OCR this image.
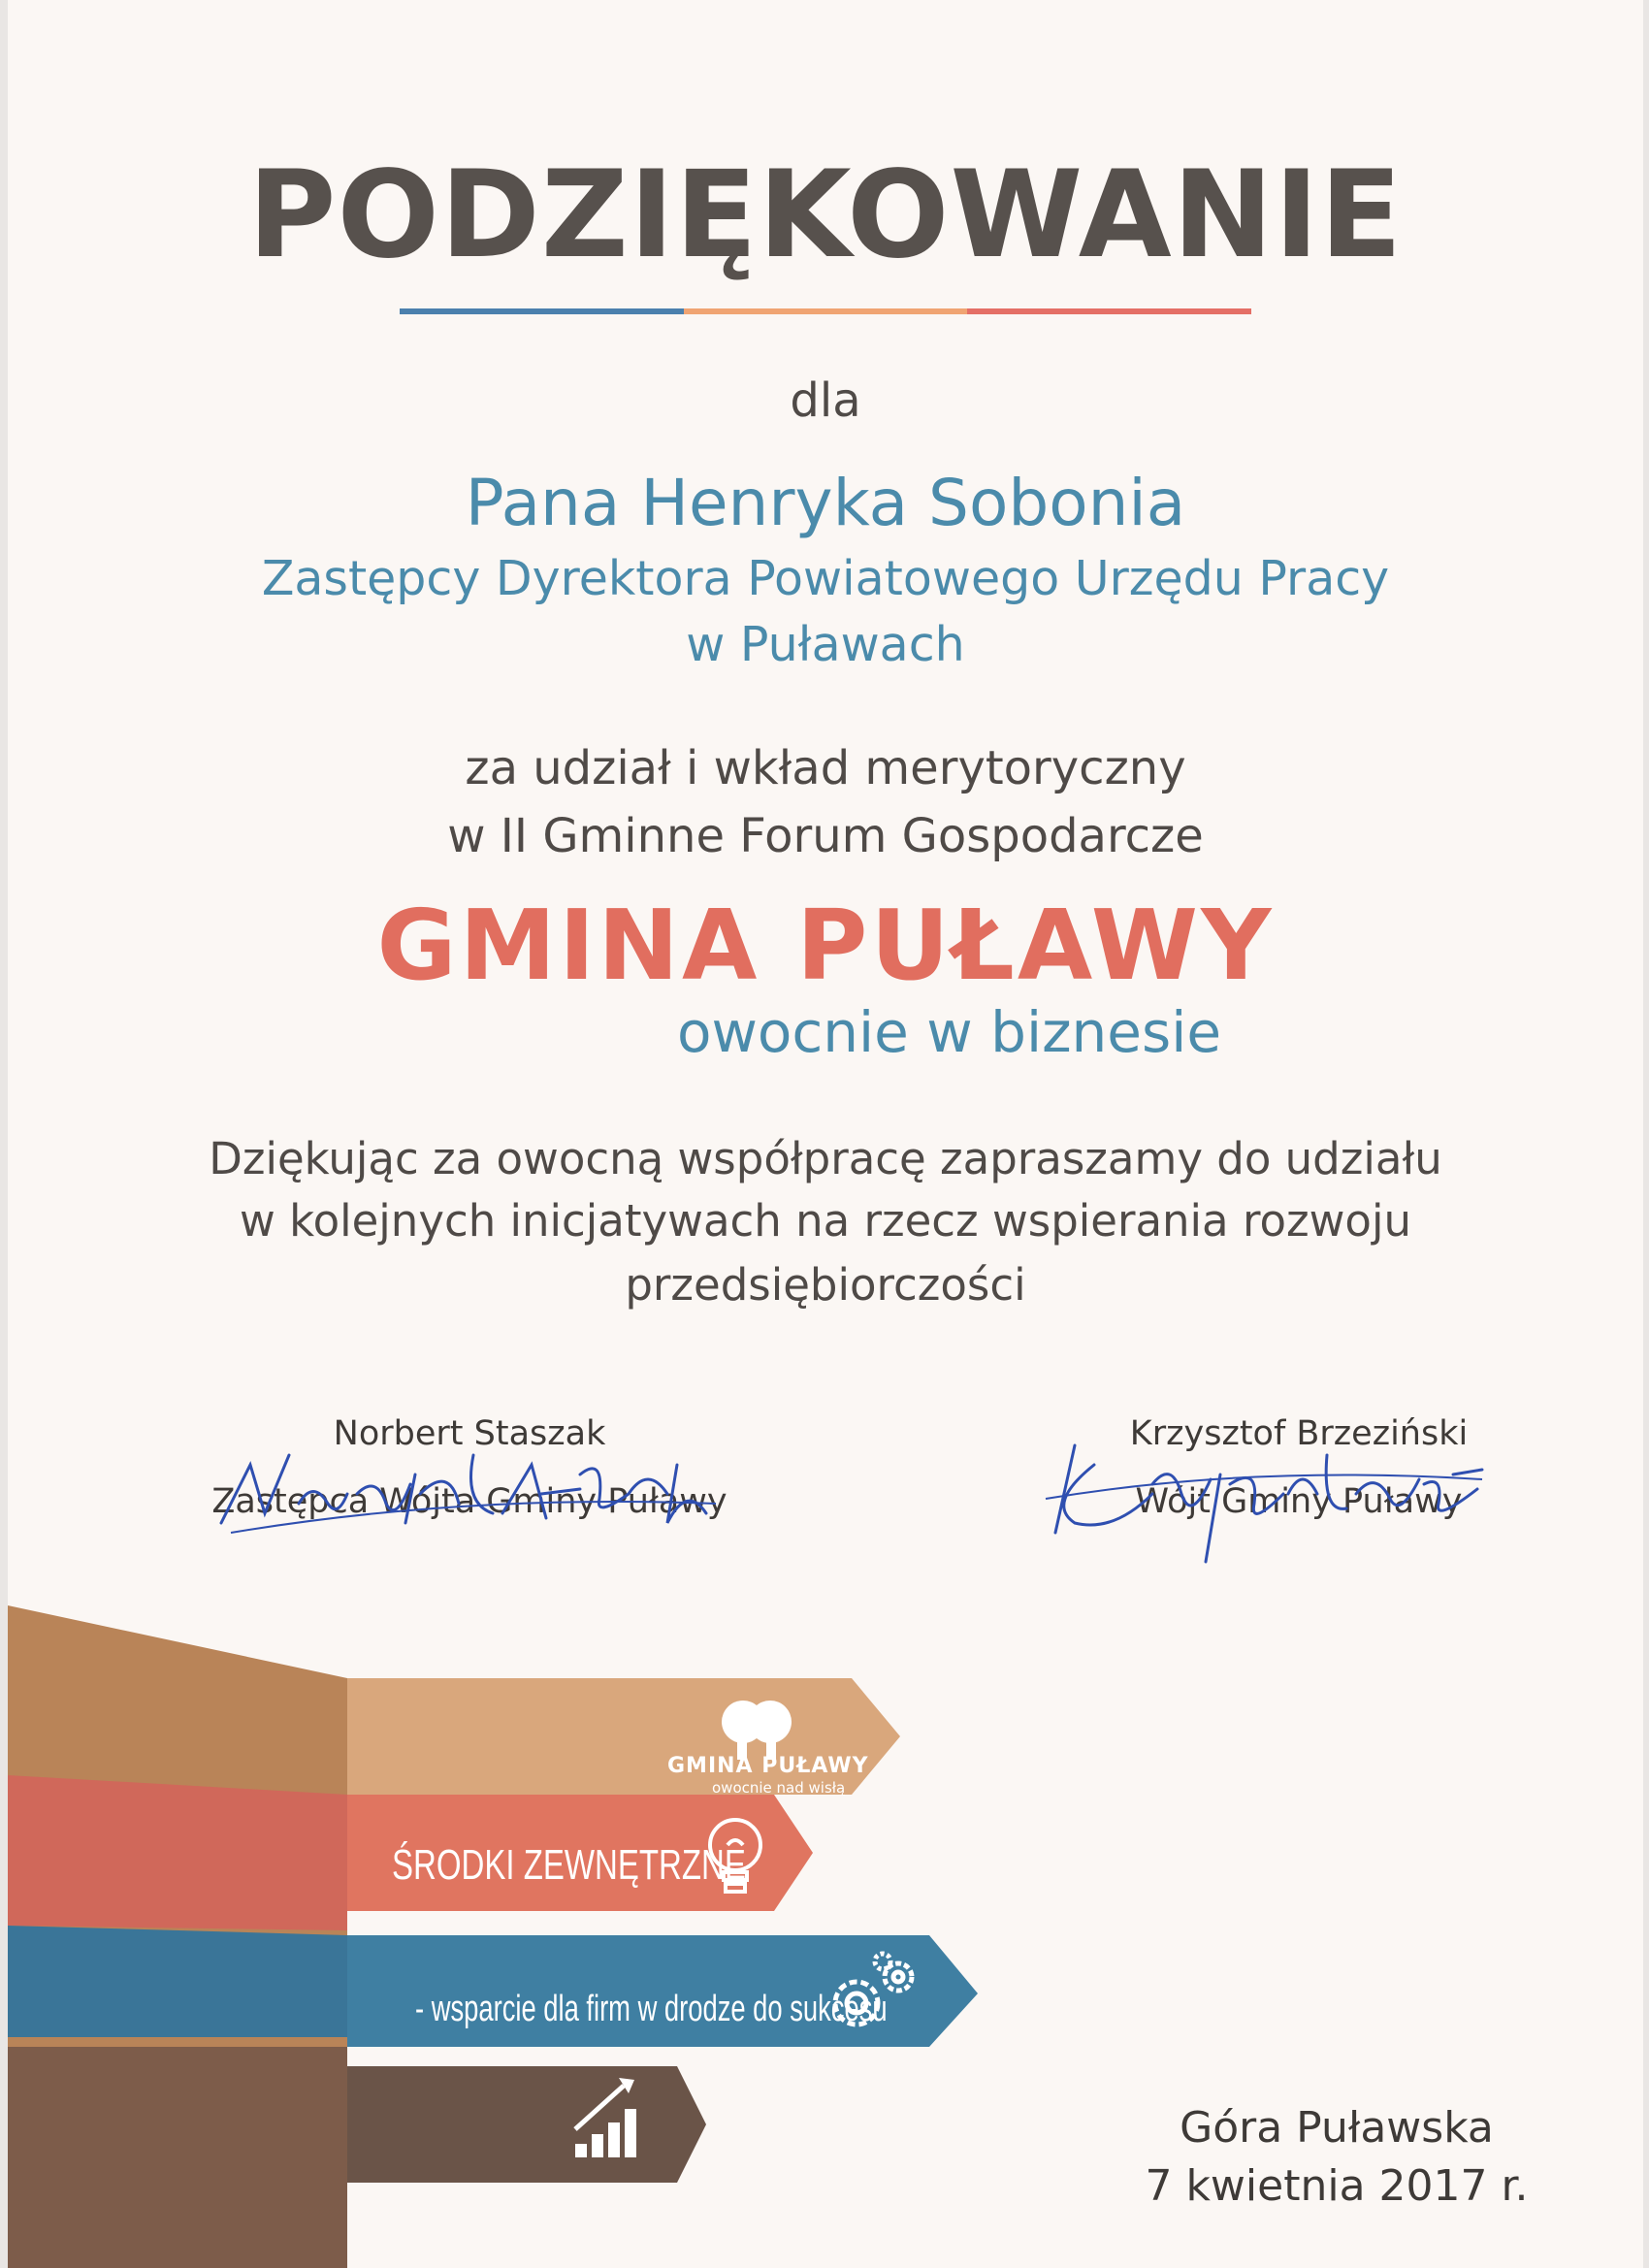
PODZIĘKOWANIE
dla
Pana Henryka Sobonia
Zastępcy Dyrektora Powiatowego Urzędu Pracy
w Puławach
za udział i wkład merytoryczny
w II Gminne Forum Gospodarcze
GMINA PUŁAWY
owocnie w biznesie
Dziękując za owocną współpracę zapraszamy do udziału
w kolejnych inicjatywach na rzecz wspierania rozwoju
przedsiębiorczości
Norbert Staszak
Zastępca Wójta Gminy Puławy
Krzysztof Brzeziński
Wójt Gminy Puławy
GMINA PUŁAWY
owocnie nad wisłą
ŚRODKI ZEWNĘTRZNE
- wsparcie dla firm w drodze do sukcesu
Góra Puławska
7 kwietnia 2017 r.
